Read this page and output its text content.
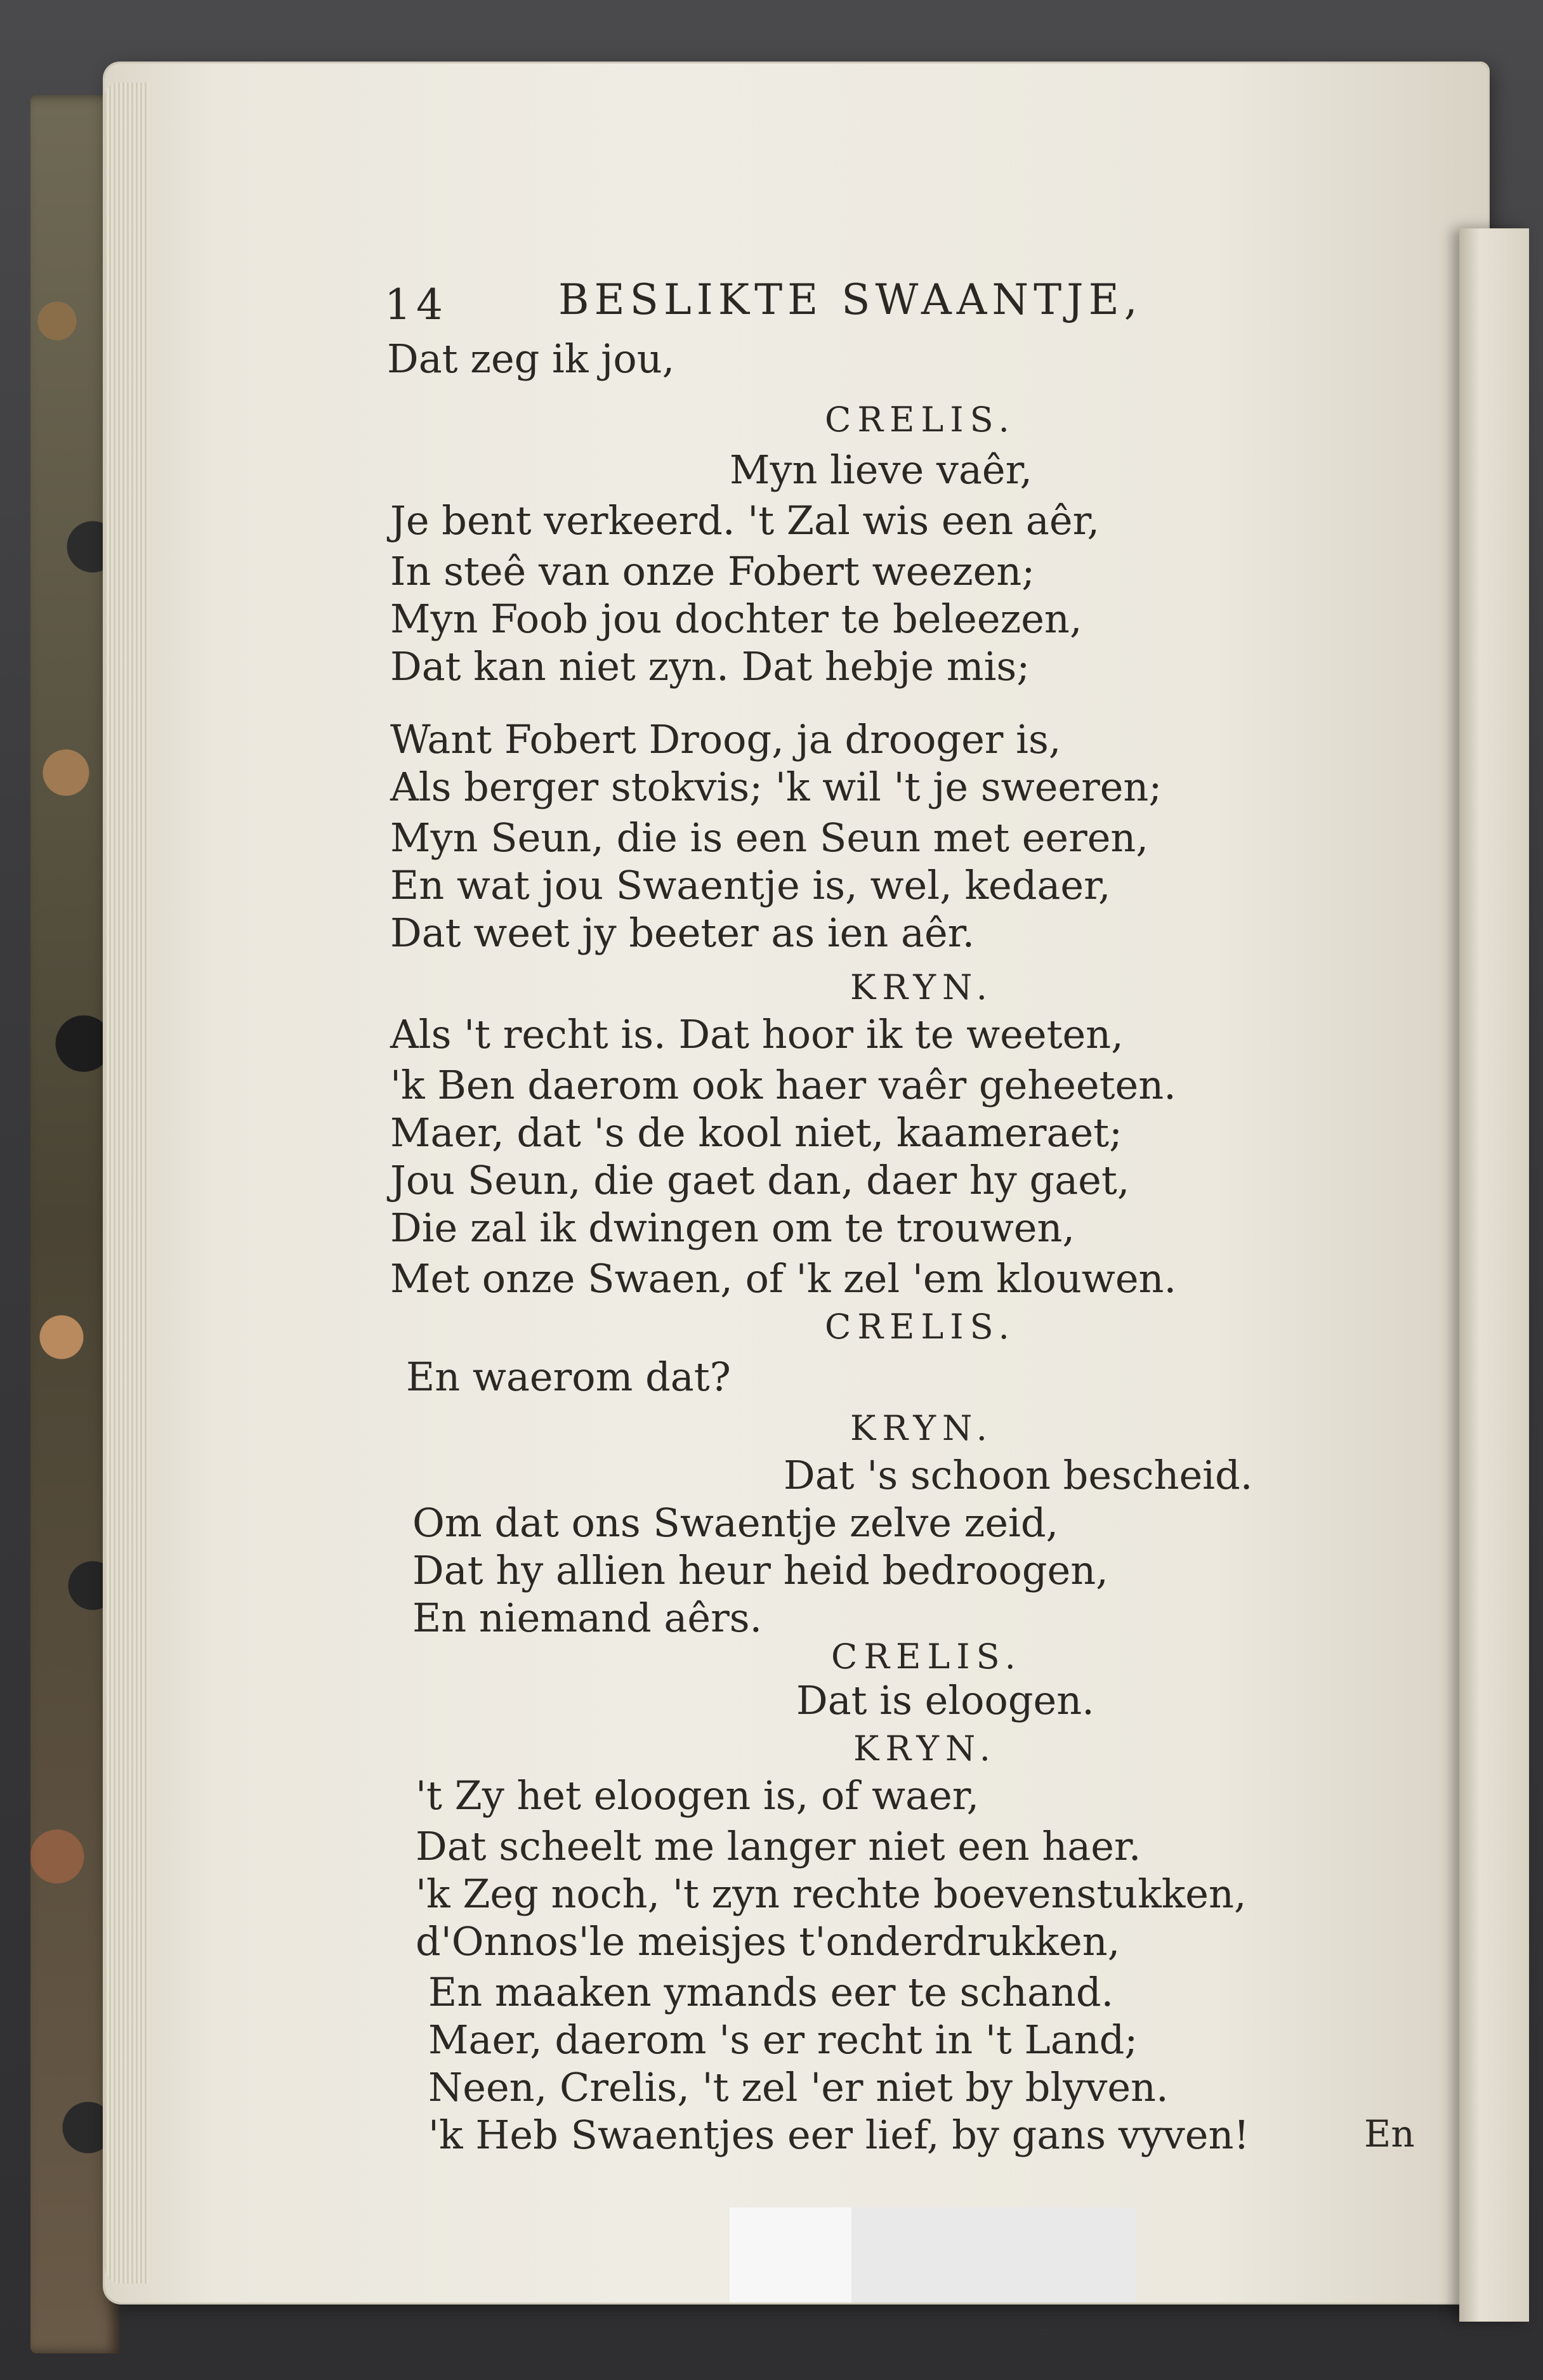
14	BESLIKTE SWAANTJE,
Dat zeg ik jou,
CRELIS.
Myn lieve vaêr,
Je bent verkeerd. 't Zal wis een aêr,
In steê van onze Fobert weezen;
Myn Foob jou dochter te beleezen,
Dat kan niet zyn. Dat hebje mis;
Want Fobert Droog, ja drooger is,
Als berger stokvis; 'k wil 't je sweeren;
Myn Seun, die is een Seun met eeren,
En wat jou Swaentje is, wel, kedaer,
Dat weet jy beeter as ien aêr.
KRYN.
Als 't recht is. Dat hoor ik te weeten,
'k Ben daerom ook haer vaêr geheeten.
Maer, dat 's de kool niet, kaameraet;
Jou Seun, die gaet dan, daer hy gaet,
Die zal ik dwingen om te trouwen,
Met onze Swaen, of 'k zel 'em klouwen.
CRELIS.
En waerom dat?
KRYN.
Dat 's schoon bescheid.
Om dat ons Swaentje zelve zeid,
Dat hy allien heur heid bedroogen,
En niemand aêrs.
CRELIS.
Dat is eloogen.
KRYN.
't Zy het eloogen is, of waer,
Dat scheelt me langer niet een haer.
'k Zeg noch, 't zyn rechte boevenstukken,
d'Onnos'le meisjes t'onderdrukken,
En maaken ymands eer te schand.
Maer, daerom 's er recht in 't Land;
Neen, Crelis, 't zel 'er niet by blyven.
'k Heb Swaentjes eer lief, by gans vyven!	En
